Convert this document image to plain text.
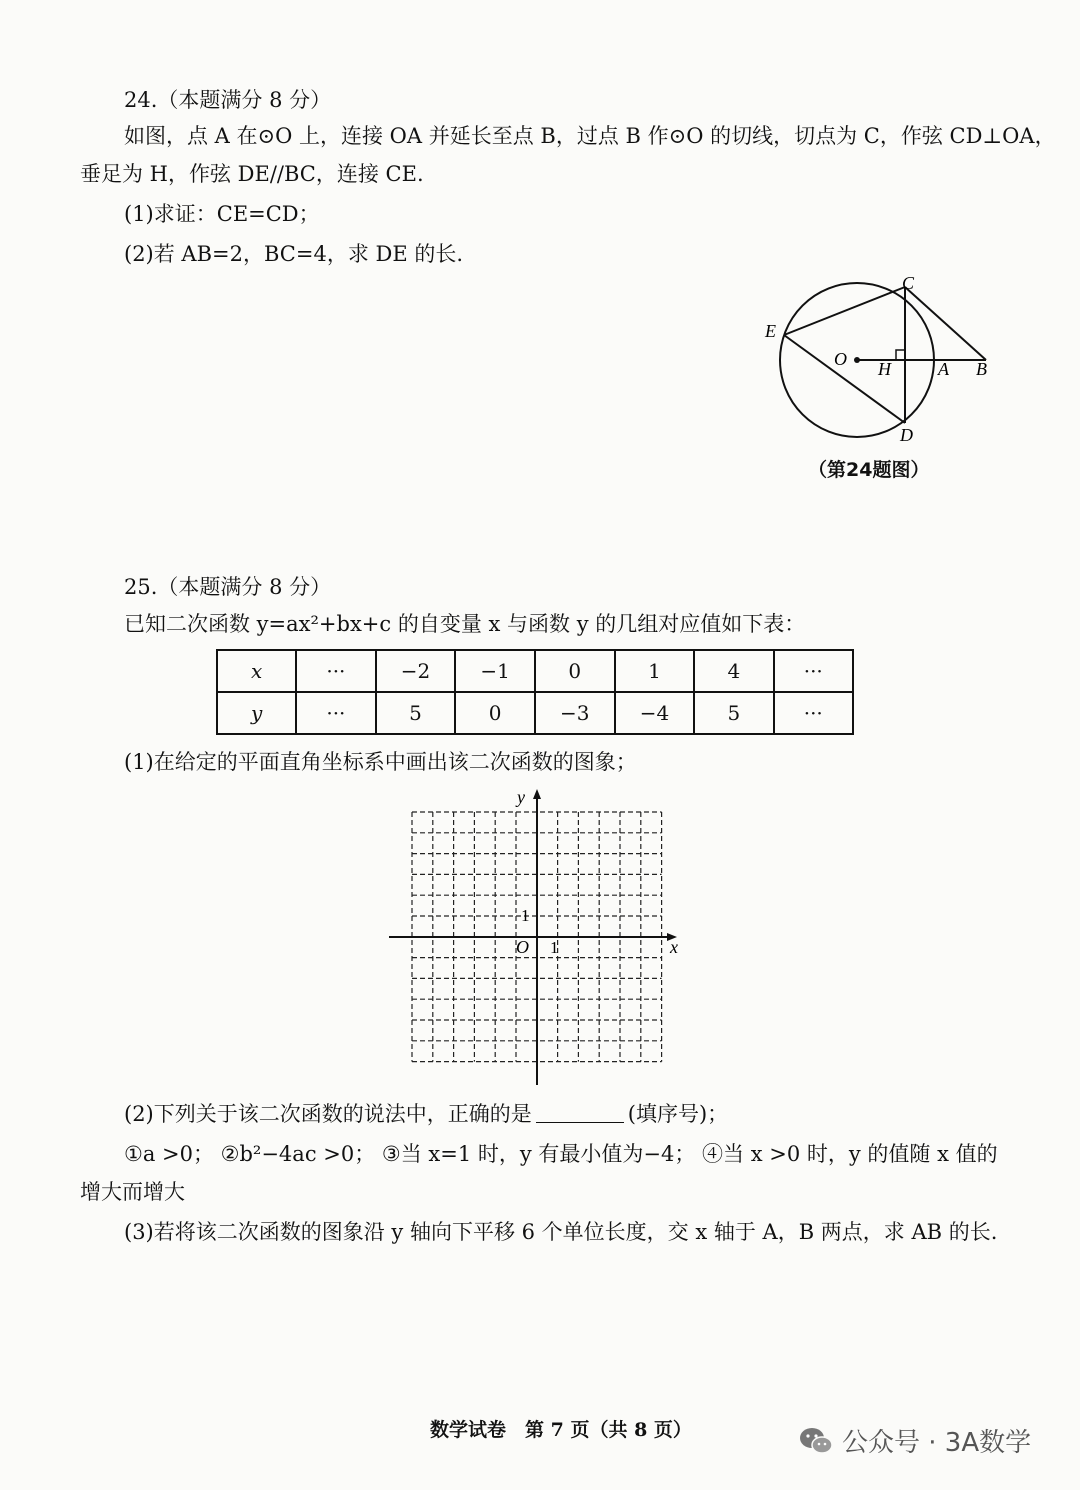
24.（本题满分 8 分）
如图，点 A 在⊙O 上，连接 OA 并延长至点 B，过点 B 作⊙O 的切线，切点为 C，作弦 CD⊥OA，
垂足为 H，作弦 DE//BC，连接 CE.
(1)求证：CE=CD；
(2)若 AB=2，BC=4，求 DE 的长.
C
E
O H	A B
D
（第24题图）
25.（本题满分 8 分）
已知二次函数 y=ax²+bx+c 的自变量 x 与函数 y 的几组对应值如下表：
x	···	−2	−1	0	1	4	···
y	···	5	0	−3	−4	5	···
(1)在给定的平面直角坐标系中画出该二次函数的图象；
x
y
O 1
1
(2)下列关于该二次函数的说法中，正确的是	(填序号)；
①a >0； ②b²−4ac >0； ③当 x=1 时，y 有最小值为−4； ④当 x >0 时，y 的值随 x 值的
增大而增大
(3)若将该二次函数的图象沿 y 轴向下平移 6 个单位长度，交 x 轴于 A，B 两点，求 AB 的长.
数学试卷　第 7 页（共 8 页）	公众号 · 3A数学
